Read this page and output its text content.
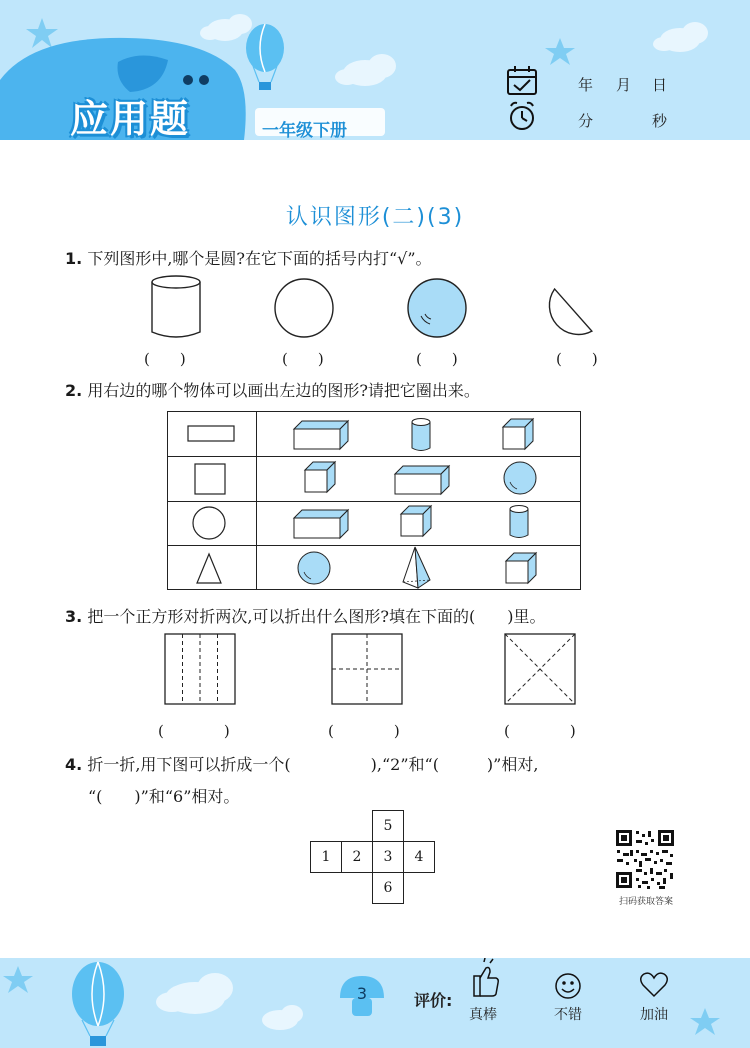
应用题	一年级下册
年 月 日
分	秒
认识图形(二)(3)
1. 下列图形中,哪个是圆?在它下面的括号内打“√”。
(　　)	(　　)	(　　)	(　　)
2. 用右边的哪个物体可以画出左边的图形?请把它圈出来。
3. 把一个正方形对折两次,可以折出什么图形?填在下面的(　　)里。
(　　　　)	(　　　　)	(　　　　)
4. 折一折,用下图可以折成一个(　　　　　),“2”和“(　　　)”相对,
“(　　)”和“6”相对。
5
1	2	3	4
6
扫码获取答案
3	评价:
真棒	不错	加油
